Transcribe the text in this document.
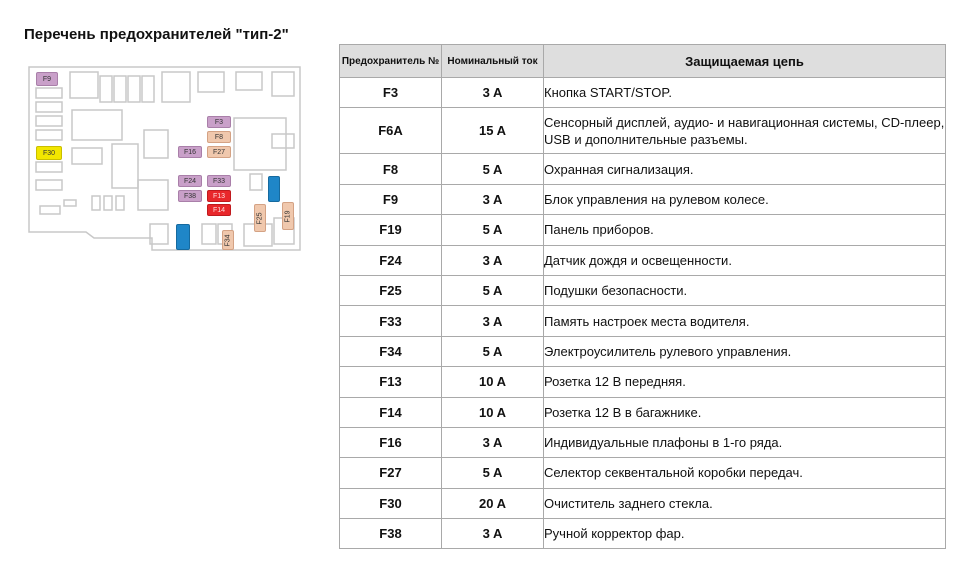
Перечень предохранителей "тип-2"
F9
F30
F3
F8
F16 F27
F24 F33
F38 F13
F14
F25	F19
F34
Предохранитель №	Номинальный ток	Защищаемая цепь
F3	3 A	Кнопка START/STOP.
F6A	15 A	Сенсорный дисплей, аудио- и навигационная системы, CD-плеер, USB и дополнительные разъемы.
F8	5 A	Охранная сигнализация.
F9	3 A	Блок управления на рулевом колесе.
F19	5 A	Панель приборов.
F24	3 A	Датчик дождя и освещенности.
F25	5 A	Подушки безопасности.
F33	3 A	Память настроек места водителя.
F34	5 A	Электроусилитель рулевого управления.
F13	10 A	Розетка 12 В передняя.
F14	10 A	Розетка 12 В в багажнике.
F16	3 A	Индивидуальные плафоны в 1-го ряда.
F27	5 A	Селектор секвентальной коробки передач.
F30	20 A	Очиститель заднего стекла.
F38	3 A	Ручной корректор фар.
